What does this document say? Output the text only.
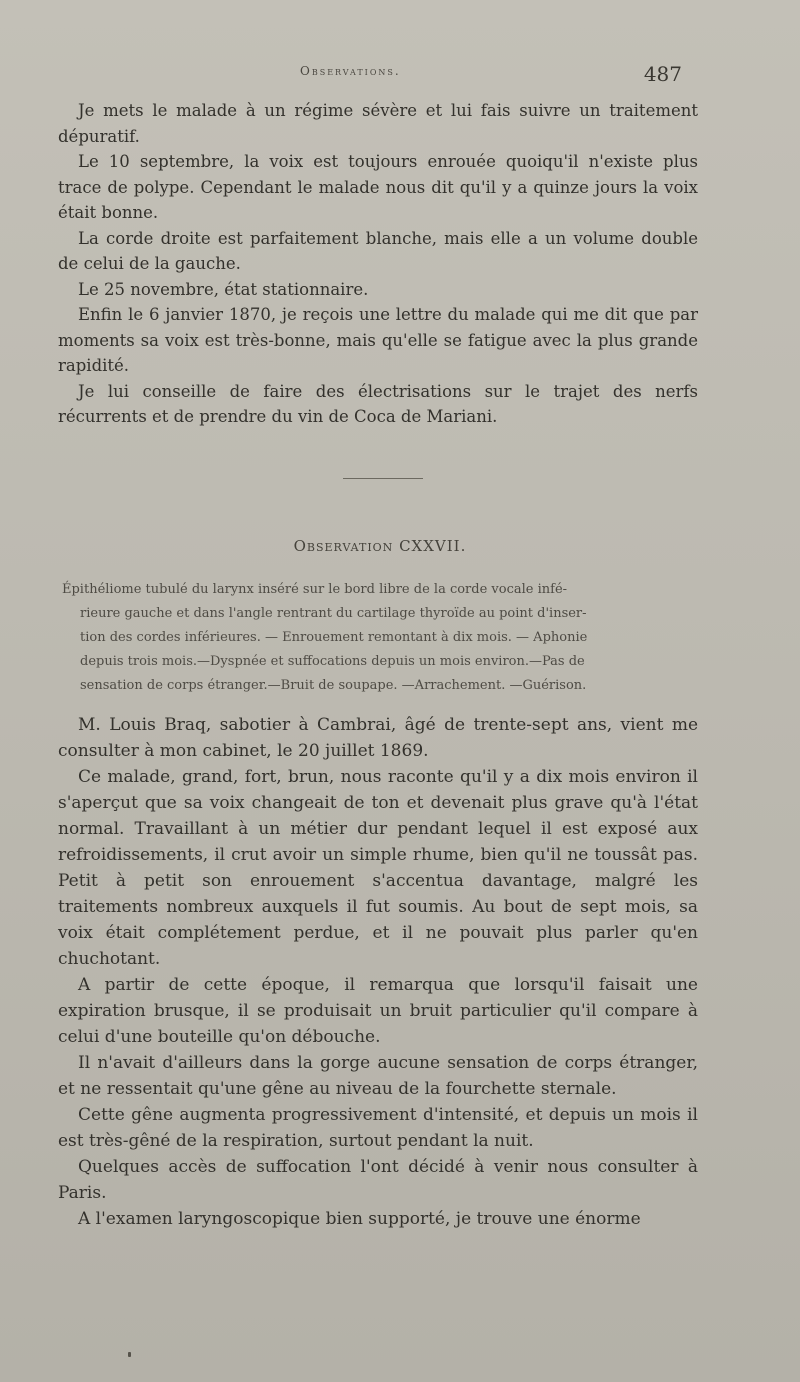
Observations.	487

Je mets le malade à un régime sévère et lui fais suivre un traitement dépuratif.

Le 10 septembre, la voix est toujours enrouée quoiqu'il n'existe plus trace de polype. Cependant le malade nous dit qu'il y a quinze jours la voix était bonne.

La corde droite est parfaitement blanche, mais elle a un volume double de celui de la gauche.

Le 25 novembre, état stationnaire.

Enfin le 6 janvier 1870, je reçois une lettre du malade qui me dit que par moments sa voix est très-bonne, mais qu'elle se fatigue avec la plus grande rapidité.

Je lui conseille de faire des électrisations sur le trajet des nerfs récurrents et de prendre du vin de Coca de Mariani.

Observation CXXVII.
Épithéliome tubulé du larynx inséré sur le bord libre de la corde vocale infé-
rieure gauche et dans l'angle rentrant du cartilage thyroïde au point d'inser-
tion des cordes inférieures. — Enrouement remontant à dix mois. — Aphonie
depuis trois mois.—Dyspnée et suffocations depuis un mois environ.—Pas de
sensation de corps étranger.—Bruit de soupape. —Arrachement. —Guérison.

M. Louis Braq, sabotier à Cambrai, âgé de trente-sept ans, vient me consulter à mon cabinet, le 20 juillet 1869.

Ce malade, grand, fort, brun, nous raconte qu'il y a dix mois environ il s'aperçut que sa voix changeait de ton et devenait plus grave qu'à l'état normal. Travaillant à un métier dur pendant lequel il est exposé aux refroidissements, il crut avoir un simple rhume, bien qu'il ne toussât pas. Petit à petit son enrouement s'accentua davantage, malgré les traitements nombreux auxquels il fut soumis. Au bout de sept mois, sa voix était complétement perdue, et il ne pouvait plus parler qu'en chuchotant.

A partir de cette époque, il remarqua que lorsqu'il faisait une expiration brusque, il se produisait un bruit particulier qu'il compare à celui d'une bouteille qu'on débouche.

Il n'avait d'ailleurs dans la gorge aucune sensation de corps étranger, et ne ressentait qu'une gêne au niveau de la fourchette sternale.

Cette gêne augmenta progressivement d'intensité, et depuis un mois il est très-gêné de la respiration, surtout pendant la nuit.

Quelques accès de suffocation l'ont décidé à venir nous consulter à Paris.

A l'examen laryngoscopique bien supporté, je trouve une énorme
